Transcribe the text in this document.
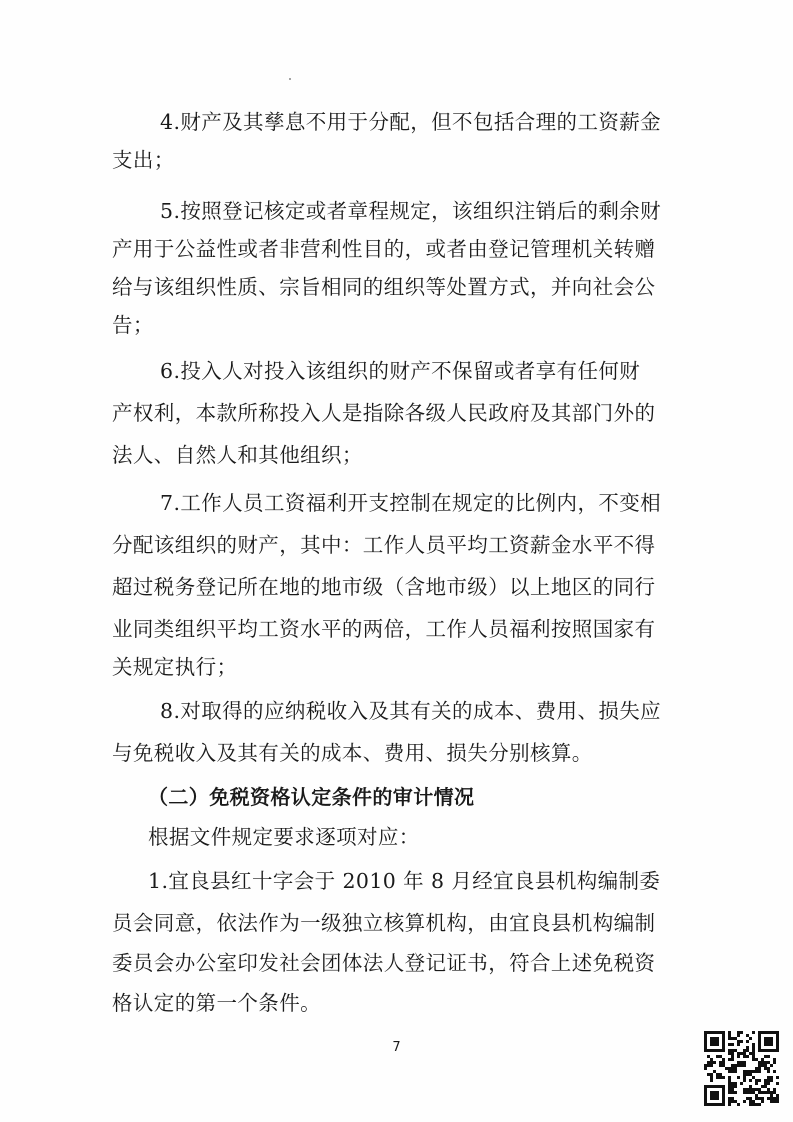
4.财产及其孳息不用于分配，但不包括合理的工资薪金
支出；
5.按照登记核定或者章程规定，该组织注销后的剩余财
产用于公益性或者非营利性目的，或者由登记管理机关转赠
给与该组织性质、宗旨相同的组织等处置方式，并向社会公
告；
6.投入人对投入该组织的财产不保留或者享有任何财
产权利，本款所称投入人是指除各级人民政府及其部门外的
法人、自然人和其他组织；
7.工作人员工资福利开支控制在规定的比例内，不变相
分配该组织的财产，其中：工作人员平均工资薪金水平不得
超过税务登记所在地的地市级（含地市级）以上地区的同行
业同类组织平均工资水平的两倍，工作人员福利按照国家有
关规定执行；
8.对取得的应纳税收入及其有关的成本、费用、损失应
与免税收入及其有关的成本、费用、损失分别核算。
（二）免税资格认定条件的审计情况
根据文件规定要求逐项对应：
1.宜良县红十字会于 2010 年 8 月经宜良县机构编制委
员会同意，依法作为一级独立核算机构，由宜良县机构编制
委员会办公室印发社会团体法人登记证书，符合上述免税资
格认定的第一个条件。
7
